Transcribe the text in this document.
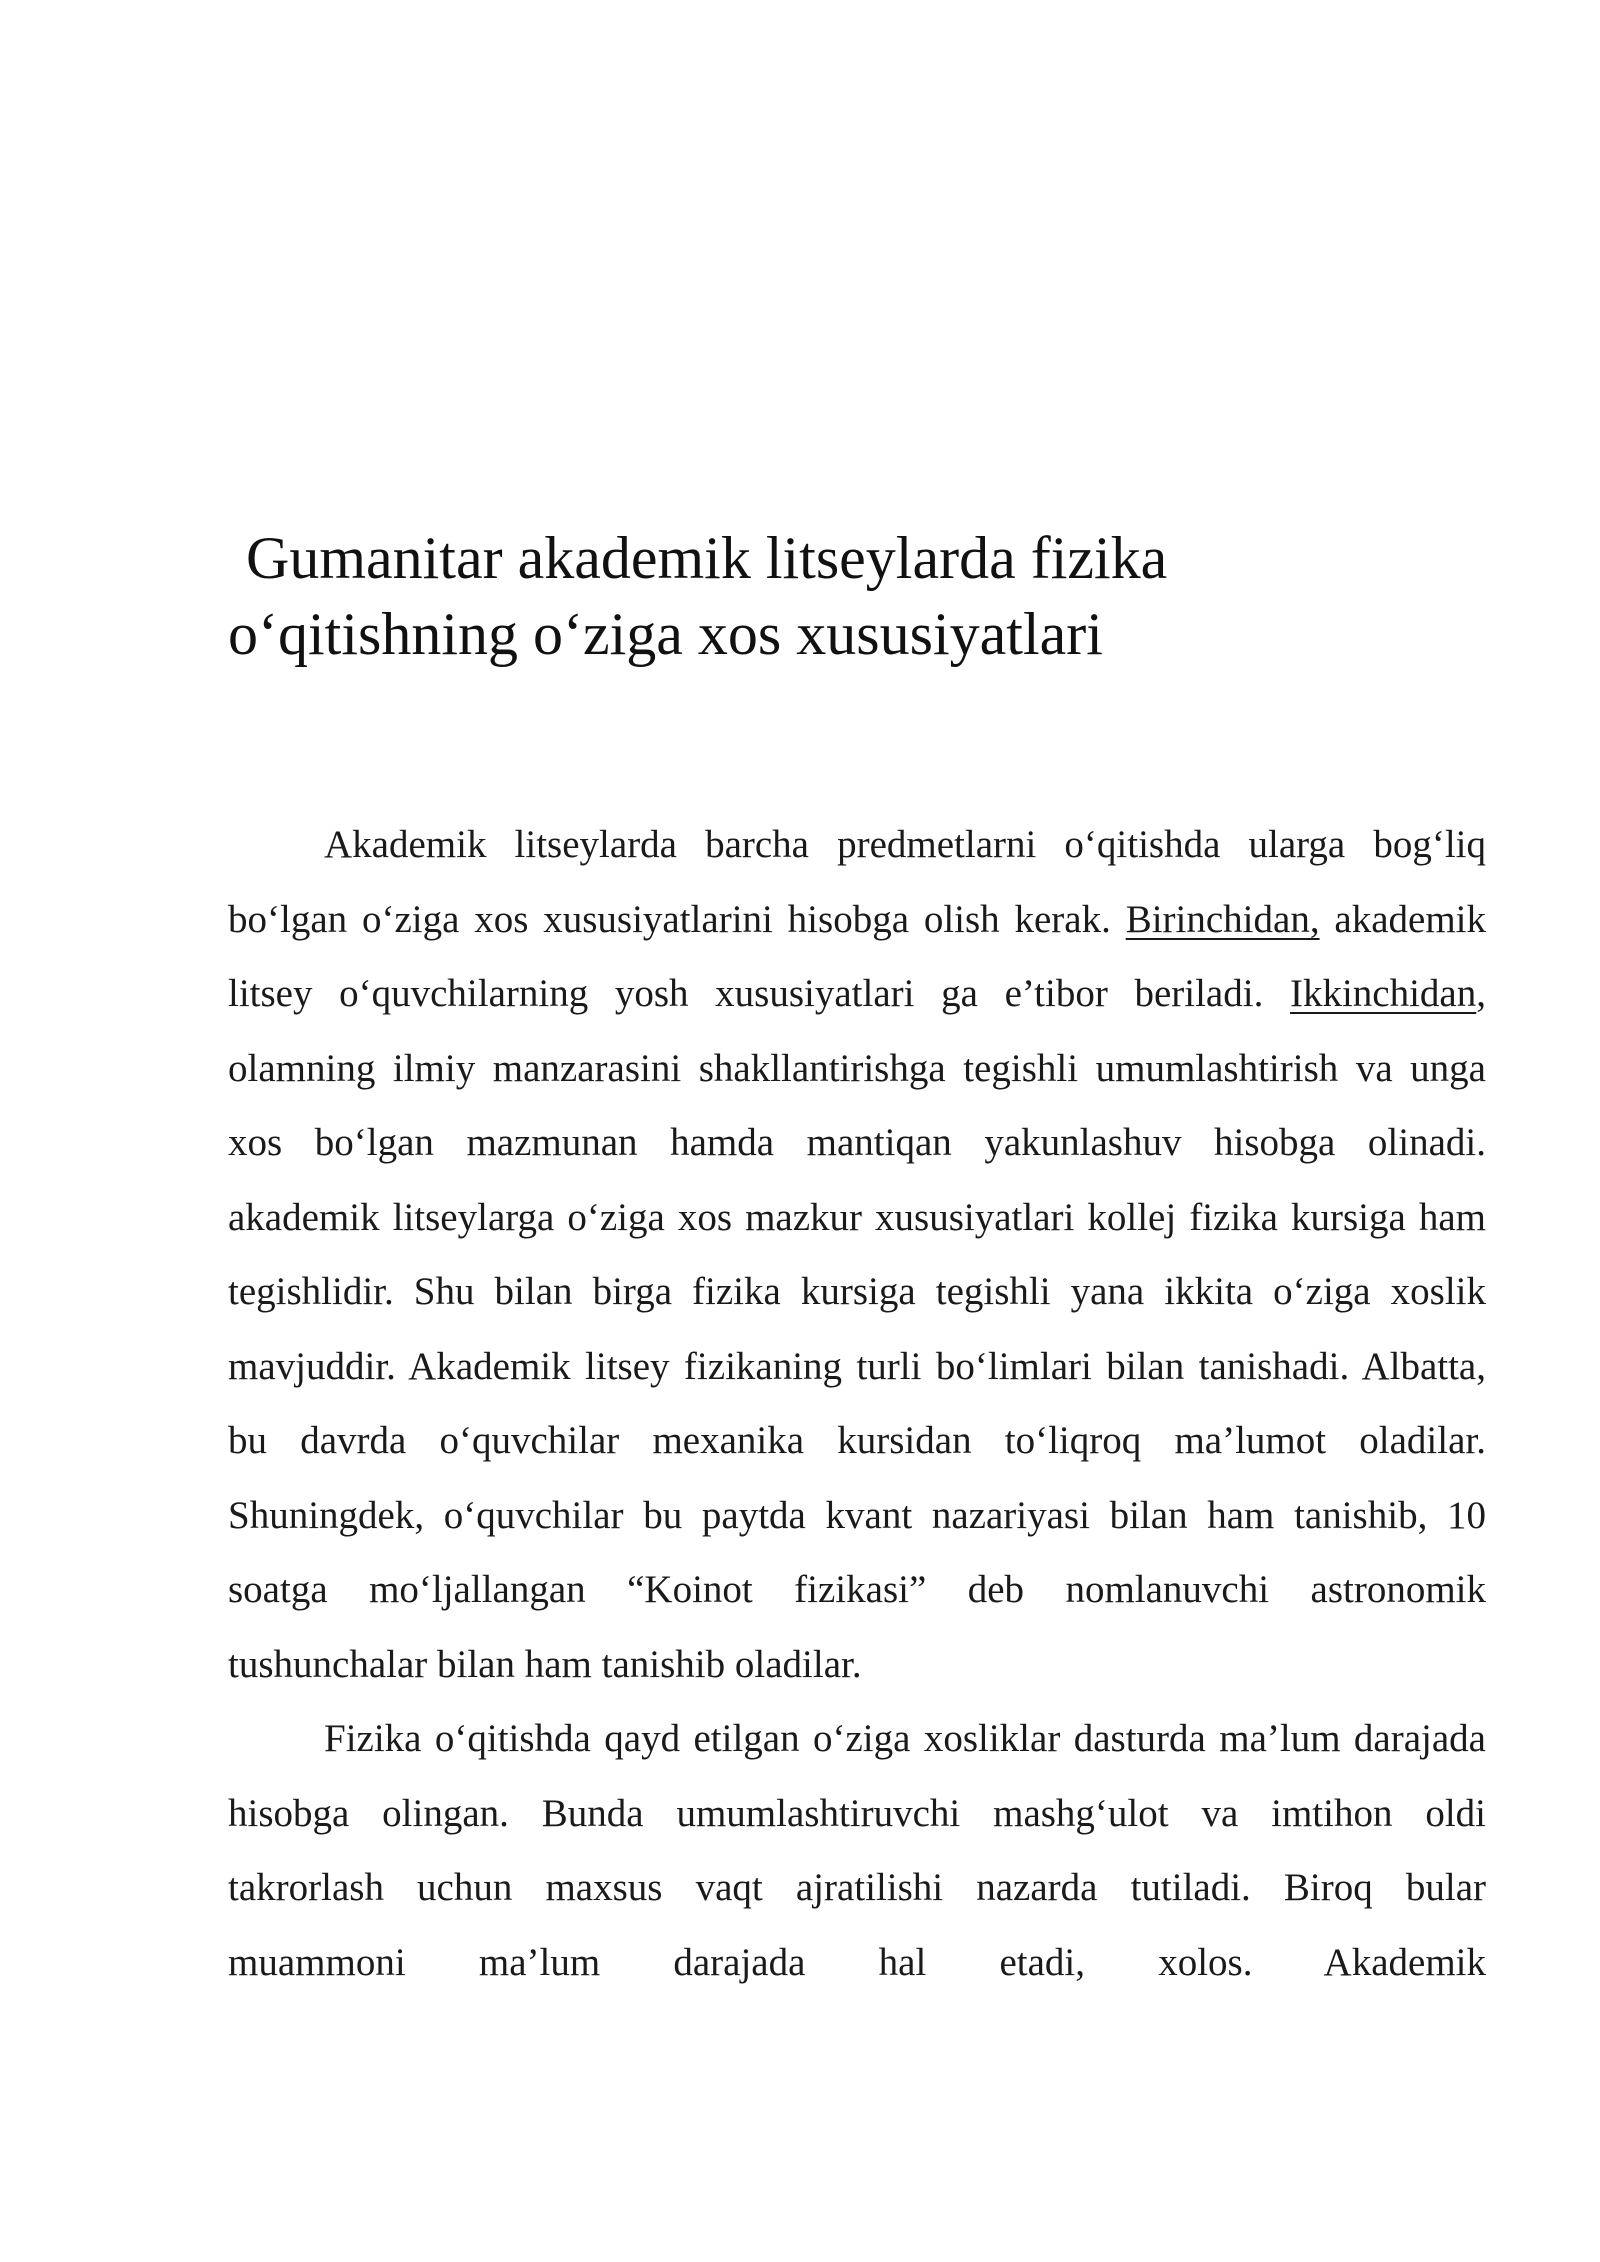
Gumanitar akademik litseylarda fizika
o‘qitishning o‘ziga xos xususiyatlari

Akademik litseylarda barcha predmetlarni o‘qitishda ularga bog‘liq bo‘lgan o‘ziga xos xususiyatlarini hisobga olish kerak. Birinchidan, akademik litsey o‘quvchilarning yosh xususiyatlari ga e’tibor beriladi. Ikkinchidan, olamning ilmiy manzarasini shakllantirishga tegishli umumlashtirish va unga xos bo‘lgan mazmunan hamda mantiqan yakunlashuv hisobga olinadi. akademik litseylarga o‘ziga xos mazkur xususiyatlari kollej fizika kursiga ham tegishlidir. Shu bilan birga fizika kursiga tegishli yana ikkita o‘ziga xoslik mavjuddir. Akademik litsey fizikaning turli bo‘limlari bilan tanishadi. Albatta, bu davrda o‘quvchilar mexanika kursidan to‘liqroq ma’lumot oladilar. Shuningdek, o‘quvchilar bu paytda kvant nazariyasi bilan ham tanishib, 10 soatga mo‘ljallangan “Koinot fizikasi” deb nomlanuvchi astronomik tushunchalar bilan ham tanishib oladilar.

Fizika o‘qitishda qayd etilgan o‘ziga xosliklar dasturda ma’lum darajada hisobga olingan. Bunda umumlashtiruvchi mashg‘ulot va imtihon oldi takrorlash uchun maxsus vaqt ajratilishi nazarda tutiladi. Biroq bular muammoni ma’lum darajada hal etadi, xolos. Akademik
